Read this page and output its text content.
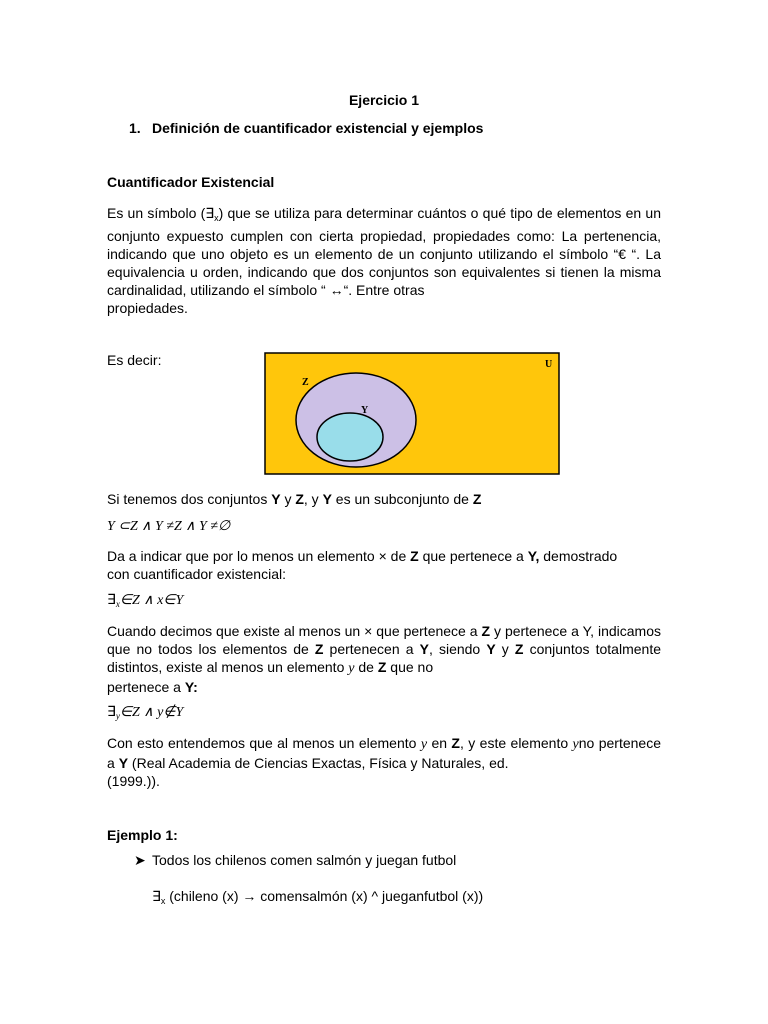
Ejercicio 1
1. Definición de cuantificador existencial y ejemplos
Cuantificador Existencial
Es un símbolo $(\exists_x)$ que se utiliza para determinar cuántos o qué tipo de elementos en un conjunto expuesto cumplen con cierta propiedad, propiedades como: La pertenencia, indicando que uno objeto es un elemento de un conjunto utilizando el símbolo “€ “. La equivalencia u orden, indicando que dos conjuntos son equivalentes si tienen la misma cardinalidad, utilizando el símbolo “ ↔“. Entre otras
propiedades.
Es decir:	U
Z
Y
Si tenemos dos conjuntos Y y Z, y Y es un subconjunto de Z
Y ⊂Z ∧ Y ≠Z ∧ Y ≠∅
Da a indicar que por lo menos un elemento × de Z que pertenece a Y, demostrado
con cuantificador existencial:
$\exists_x\in Z$ ∧ x∈Y
Cuando decimos que existe al menos un × que pertenece a Z y pertenece a Y, indicamos que no todos los elementos de Z pertenecen a Y, siendo Y y Z conjuntos totalmente distintos, existe al menos un elemento y de Z que no
pertenece a Y:
$\exists_y\in Z$ ∧ y∉Y
Con esto entendemos que al menos un elemento y en Z, y este elemento yno pertenece a Y (Real Academia de Ciencias Exactas, Física y Naturales, ed.
(1999.)).
Ejemplo 1:
➤ Todos los chilenos comen salmón y juegan futbol
$\exists_x$ (chileno (x) → comensalmón (x) ^ jueganfutbol (x))
